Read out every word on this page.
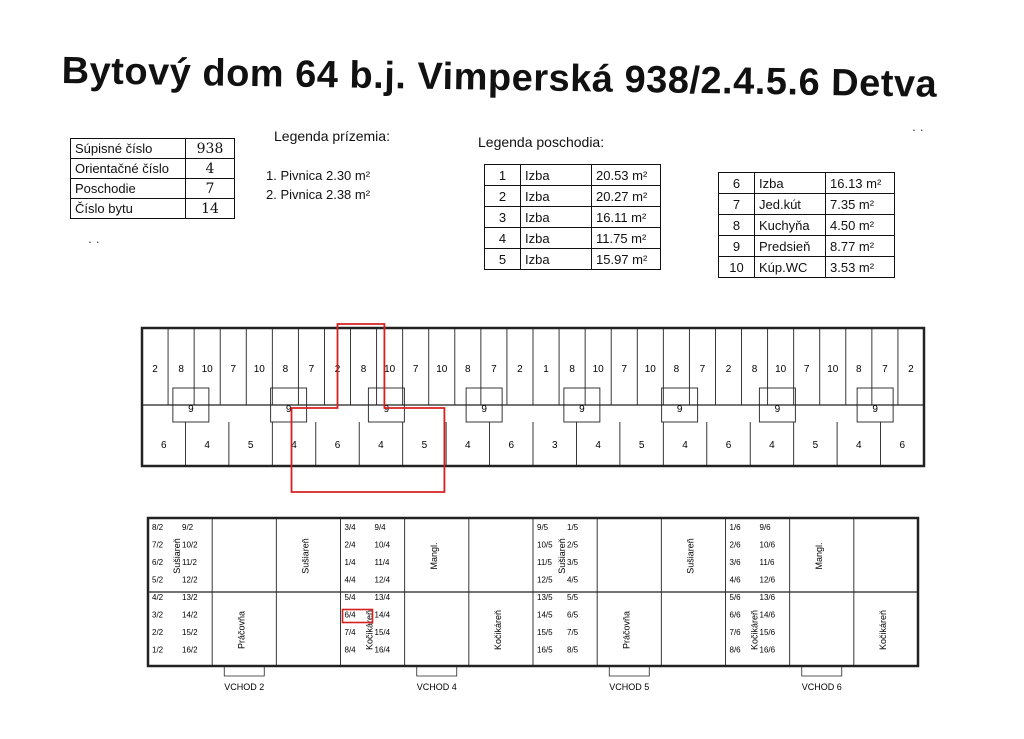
Bytový dom 64 b.j. Vimperská 938/2.4.5.6 Detva
Súpisné číslo	938
Orientačné číslo	4
Poschodie	7
Číslo bytu	14
Legenda prízemia:
1. Pivnica 2.30 m²
2. Pivnica 2.38 m²
Legenda poschodia:
1	Izba	20.53 m²
2	Izba	20.27 m²
3	Izba	16.11 m²
4	Izba	11.75 m²
5	Izba	15.97 m²
6	Izba	16.13 m²
7	Jed.kút	7.35 m²
8	Kuchyňa	4.50 m²
9	Predsieň	8.77 m²
10	Kúp.WC	3.53 m²
. .
. .
2 8 10 7 10 8 7 2 8 10 7 10 8 7 2 1 8 10 7 10 8 7 2 8 10 7 10 8 7 2
9	9	9	9	9	9	9	9
6	4	5	4	6	4	5	4	6	3	4	5	4	6	4	5	4	6
Sušiareň
Práčovňa
Sušiareň
Kočikáreň
Mangl.
Kočikáreň
Sušiareň
Práčovňa
Sušiareň
Kočikáreň
Mangl.
Kočikáreň
8/2
7/2
6/2
5/2
4/2
3/2
2/2
1/2
9/2
10/2
11/2
12/2
13/2
14/2
15/2
16/2
3/4
2/4
1/4
4/4
5/4
6/4
7/4
8/4
9/4
10/4
11/4
12/4
13/4
14/4
15/4
16/4
9/5
10/5
11/5
12/5
13/5
14/5
15/5
16/5
1/5
2/5
3/5
4/5
5/5
6/5
7/5
8/5
1/6
2/6
3/6
4/6
5/6
6/6
7/6
8/6
9/6
10/6
11/6
12/6
13/6
14/6
15/6
16/6
VCHOD 2	VCHOD 4	VCHOD 5	VCHOD 6
